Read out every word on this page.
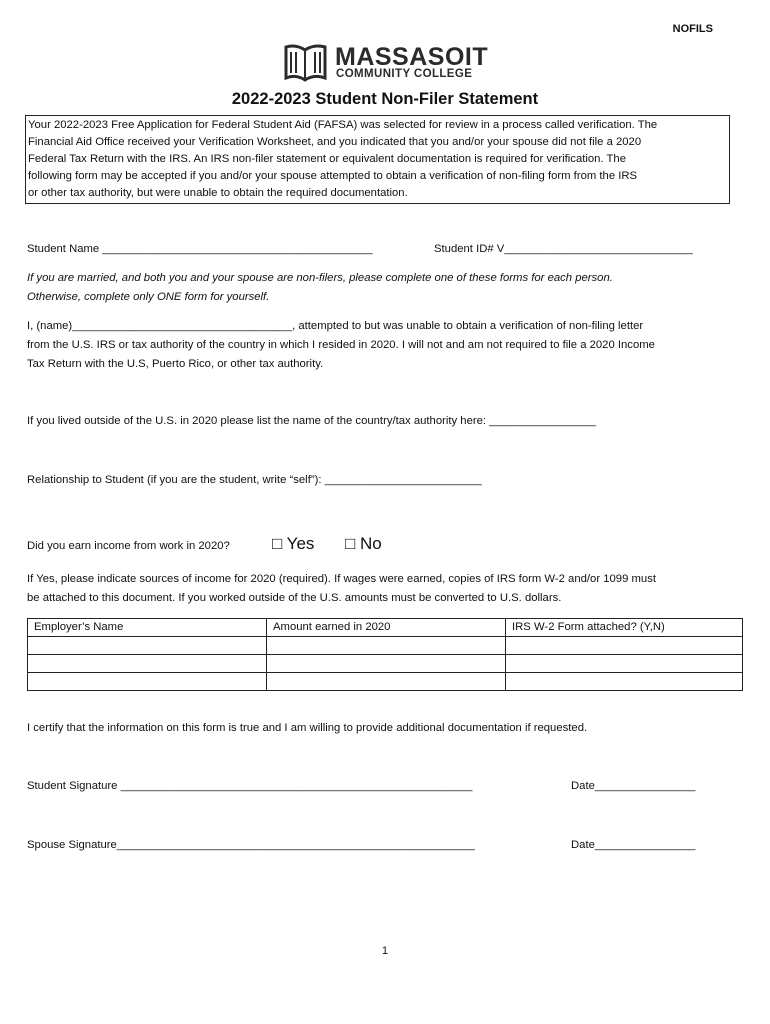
NOFILS
MASSASOIT
COMMUNITY COLLEGE
2022-2023 Student Non-Filer Statement
Your 2022-2023 Free Application for Federal Student Aid (FAFSA) was selected for review in a process called verification. The
Financial Aid Office received your Verification Worksheet, and you indicated that you and/or your spouse did not file a 2020
Federal Tax Return with the IRS. An IRS non-filer statement or equivalent documentation is required for verification. The
following form may be accepted if you and/or your spouse attempted to obtain a verification of non-filing form from the IRS
or other tax authority, but were unable to obtain the required documentation.
Student Name ___________________________________________	Student ID# V______________________________
If you are married, and both you and your spouse are non-filers, please complete one of these forms for each person.
Otherwise, complete only ONE form for yourself.
I, (name)___________________________________, attempted to but was unable to obtain a verification of non-filing letter
from the U.S. IRS or tax authority of the country in which I resided in 2020. I will not and am not required to file a 2020 Income
Tax Return with the U.S, Puerto Rico, or other tax authority.
If you lived outside of the U.S. in 2020 please list the name of the country/tax authority here: _________________
Relationship to Student (if you are the student, write “self”): _________________________
Did you earn income from work in 2020? □ Yes □ No
If Yes, please indicate sources of income for 2020 (required). If wages were earned, copies of IRS form W-2 and/or 1099 must
be attached to this document. If you worked outside of the U.S. amounts must be converted to U.S. dollars.
Employer’s Name	Amount earned in 2020	IRS W-2 Form attached? (Y,N)

I certify that the information on this form is true and I am willing to provide additional documentation if requested.
Student Signature ________________________________________________________	Date________________
Spouse Signature_________________________________________________________	Date________________
1
